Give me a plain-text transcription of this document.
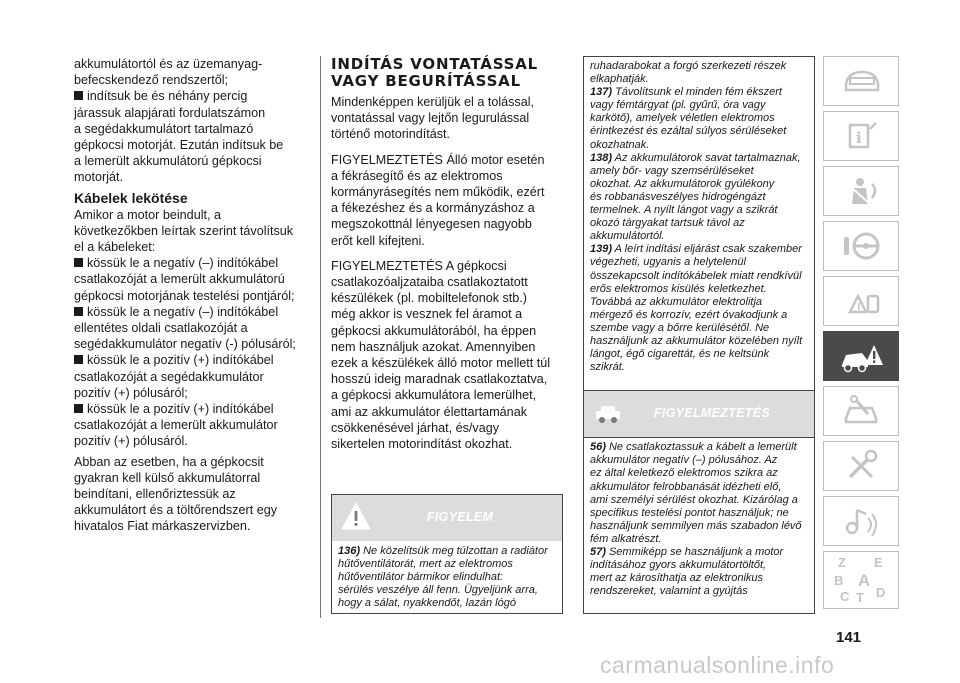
akkumulátortól és az üzemanyag-

befecskendező rendszertől;

indítsuk be és néhány percig

járassuk alapjárati fordulatszámon

a segédakkumulátort tartalmazó

gépkocsi motorját. Ezután indítsuk be

a lemerült akkumulátorú gépkocsi

motorját.

Kábelek lekötése

Amikor a motor beindult, a

következőkben leírtak szerint távolítsuk

el a kábeleket:

kössük le a negatív (–) indítókábel

csatlakozóját a lemerült akkumulátorú

gépkocsi motorjának testelési pontjáról;

kössük le a negatív (–) indítókábel

ellentétes oldali csatlakozóját a

segédakkumulátor negatív (-) pólusáról;

kössük le a pozitív (+) indítókábel

csatlakozóját a segédakkumulátor

pozitív (+) pólusáról;

kössük le a pozitív (+) indítókábel

csatlakozóját a lemerült akkumulátor

pozitív (+) pólusáról.

Abban az esetben, ha a gépkocsit

gyakran kell külső akkumulátorral

beindítani, ellenőriztessük az

akkumulátort és a töltőrendszert egy

hivatalos Fiat márkaszervizben.

INDÍTÁS VONTATÁSSAL

VAGY BEGURÍTÁSSAL

Mindenképpen kerüljük el a tolással,

vontatással vagy lejtőn legurulással

történő motorindítást.

FIGYELMEZTETÉS Álló motor esetén

a fékrásegítő és az elektromos

kormányrásegítés nem működik, ezért

a fékezéshez és a kormányzáshoz a

megszokottnál lényegesen nagyobb

erőt kell kifejteni.

FIGYELMEZTETÉS A gépkocsi

csatlakozóaljzataiba csatlakoztatott

készülékek (pl. mobiltelefonok stb.)

még akkor is vesznek fel áramot a

gépkocsi akkumulátorából, ha éppen

nem használjuk azokat. Amennyiben

ezek a készülékek álló motor mellett túl

hosszú ideig maradnak csatlakoztatva,

a gépkocsi akkumulátora lemerülhet,

ami az akkumulátor élettartamának

csökkenésével járhat, és/vagy

sikertelen motorindítást okozhat.

FIGYELEM

136) Ne közelítsük meg túlzottan a radiátor

hűtőventilátorát, mert az elektromos

hűtőventilátor bármikor elindulhat:

sérülés veszélye áll fenn. Ügyeljünk arra,

hogy a sálat, nyakkendőt, lazán lógó

ruhadarabokat a forgó szerkezeti részek

elkaphatják.

137) Távolítsunk el minden fém ékszert

vagy fémtárgyat (pl. gyűrű, óra vagy

karkötő), amelyek véletlen elektromos

érintkezést és ezáltal súlyos sérüléseket

okozhatnak.

138) Az akkumulátorok savat tartalmaznak,

amely bőr- vagy szemsérüléseket

okozhat. Az akkumulátorok gyúlékony

és robbanásveszélyes hidrogéngázt

termelnek. A nyílt lángot vagy a szikrát

okozó tárgyakat tartsuk távol az

akkumulátortól.

139) A leírt indítási eljárást csak szakember

végezheti, ugyanis a helytelenül

összekapcsolt indítókábelek miatt rendkívül

erős elektromos kisülés keletkezhet.

Továbbá az akkumulátor elektrolitja

mérgező és korrozív, ezért óvakodjunk a

szembe vagy a bőrre kerülésétől. Ne

használjunk az akkumulátor közelében nyílt

lángot, égő cigarettát, és ne keltsünk

szikrát.

FIGYELMEZTETÉS

56) Ne csatlakoztassuk a kábelt a lemerült

akkumulátor negatív (–) pólusához. Az

ez által keletkező elektromos szikra az

akkumulátor felrobbanását idézheti elő,

ami személyi sérülést okozhat. Kizárólag a

specifikus testelési pontot használjuk; ne

használjunk semmilyen más szabadon lévő

fém alkatrészt.

57) Semmiképp se használjunk a motor

indításához gyors akkumulátortöltőt,

mert az károsíthatja az elektronikus

rendszereket, valamint a gyújtás

i
!
Z E
B A
C T D
141
carmanualsonline.info
